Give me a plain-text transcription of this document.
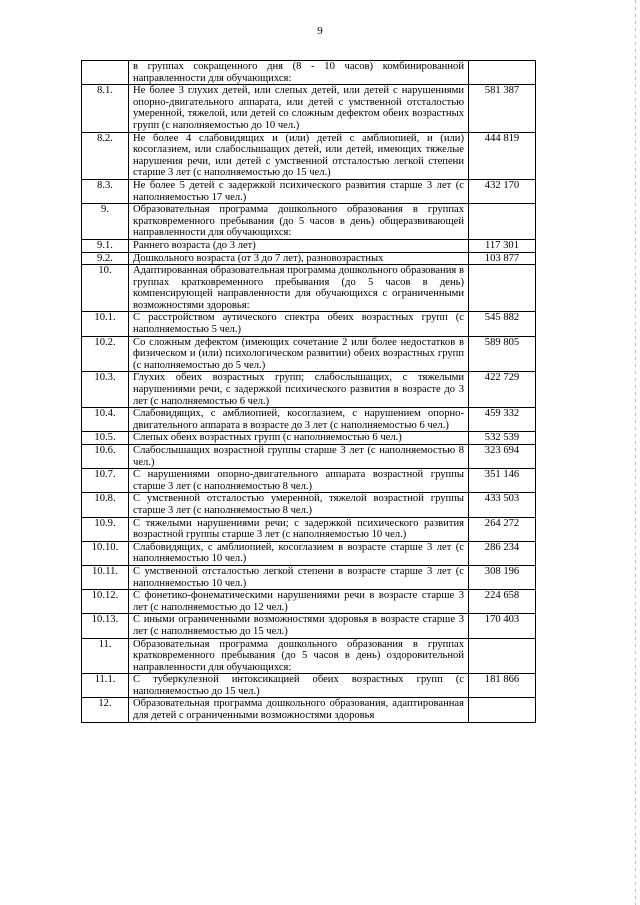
9
	в группах сокращенного дня (8 - 10 часов) комбинированной направленности для обучающихся:	
8.1.	Не более 3 глухих детей, или слепых детей, или детей с нарушениями опорно-двигательного аппарата, или детей с умственной отсталостью умеренной, тяжелой, или детей со сложным дефектом обеих возрастных групп (с наполняемостью до 10 чел.)	581 387
8.2.	Не более 4 слабовидящих и (или) детей с амблиопией, и (или) косоглазием, или слабослышащих детей, или детей, имеющих тяжелые нарушения речи, или детей с умственной отсталостью легкой степени старше 3 лет (с наполняемостью до 15 чел.)	444 819
8.3.	Не более 5 детей с задержкой психического развития старше 3 лет (с наполняемостью 17 чел.)	432 170
9.	Образовательная программа дошкольного образования в группах кратковременного пребывания (до 5 часов в день) общеразвивающей направленности для обучающихся:	
9.1.	Раннего возраста (до 3 лет)	117 301
9.2.	Дошкольного возраста (от 3 до 7 лет), разновозрастных	103 877
10.	Адаптированная образовательная программа дошкольного образования в группах кратковременного пребывания (до 5 часов в день) компенсирующей направленности для обучающихся с ограниченными возможностями здоровья:	
10.1.	С расстройством аутического спектра обеих возрастных групп (с наполняемостью 5 чел.)	545 882
10.2.	Со сложным дефектом (имеющих сочетание 2 или более недостатков в физическом и (или) психологическом развитии) обеих возрастных групп (с наполняемостью до 5 чел.)	589 805
10.3.	Глухих обеих возрастных групп; слабослышащих, с тяжелыми нарушениями речи, с задержкой психического развития в возрасте до 3 лет (с наполняемостью 6 чел.)	422 729
10.4.	Слабовидящих, с амблиопией, косоглазием, с нарушением опорно-двигательного аппарата в возрасте до 3 лет (с наполняемостью 6 чел.)	459 332
10.5.	Слепых обеих возрастных групп (с наполняемостью 6 чел.)	532 539
10.6.	Слабослышащих возрастной группы старше 3 лет (с наполняемостью 8 чел.)	323 694
10.7.	С нарушениями опорно-двигательного аппарата возрастной группы старше 3 лет (с наполняемостью 8 чел.)	351 146
10.8.	С умственной отсталостью умеренной, тяжелой возрастной группы старше 3 лет (с наполняемостью 8 чел.)	433 503
10.9.	С тяжелыми нарушениями речи; с задержкой психического развития возрастной группы старше 3 лет (с наполняемостью 10 чел.)	264 272
10.10.	Слабовидящих, с амблиопией, косоглазием в возрасте старше 3 лет (с наполняемостью 10 чел.)	286 234
10.11.	С умственной отсталостью легкой степени в возрасте старше 3 лет (с наполняемостью 10 чел.)	308 196
10.12.	С фонетико-фонематическими нарушениями речи в возрасте старше 3 лет (с наполняемостью до 12 чел.)	224 658
10.13.	С иными ограниченными возможностями здоровья в возрасте старше 3 лет (с наполняемостью до 15 чел.)	170 403
11.	Образовательная программа дошкольного образования в группах кратковременного пребывания (до 5 часов в день) оздоровительной направленности для обучающихся:	
11.1.	С туберкулезной интоксикацией обеих возрастных групп (с наполняемостью до 15 чел.)	181 866
12.	Образовательная программа дошкольного образования, адаптированная для детей с ограниченными возможностями здоровья	
